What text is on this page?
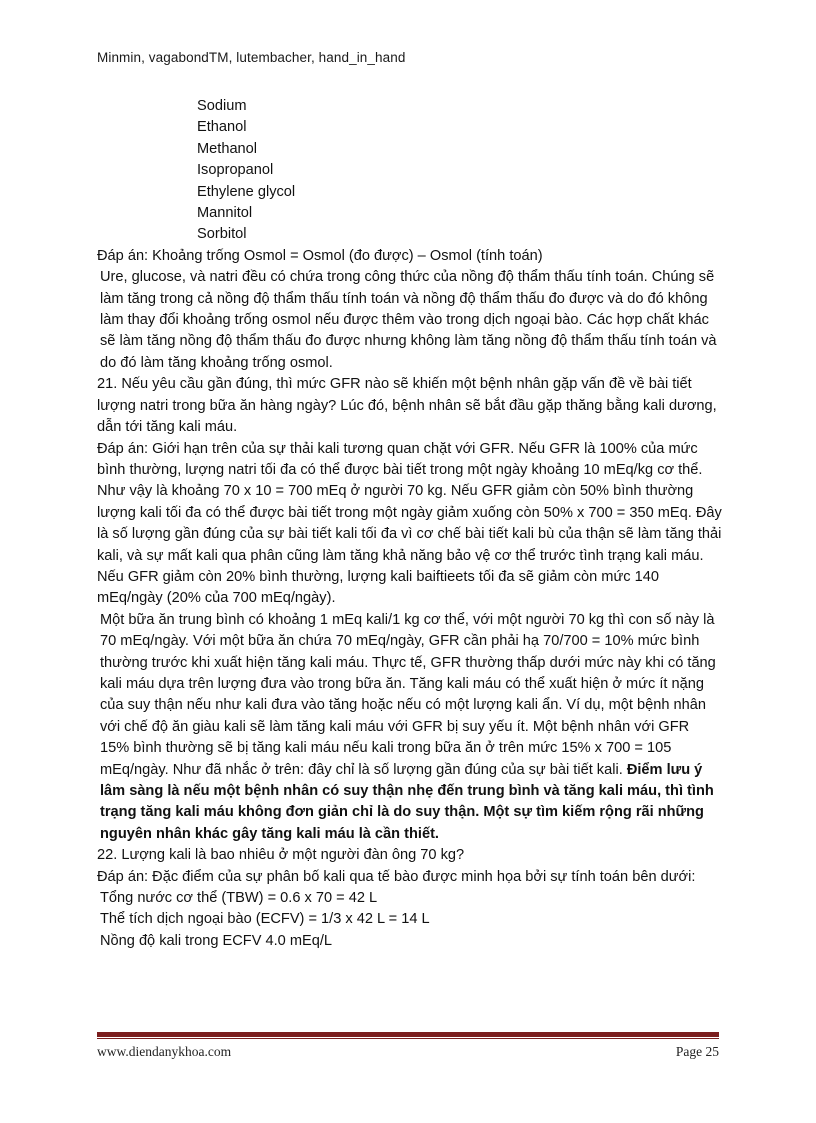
Minmin, vagabondTM, lutembacher, hand_in_hand
Sodium
Ethanol
Methanol
Isopropanol
Ethylene glycol
Mannitol
Sorbitol

Đáp án: Khoảng trống Osmol = Osmol (đo được) – Osmol (tính toán)

Ure, glucose, và natri đều có chứa trong công thức của nồng độ thẩm thấu tính toán. Chúng sẽ làm tăng trong cả nồng độ thẩm thấu tính toán và nồng độ thẩm thấu đo được và do đó không làm thay đổi khoảng trống osmol nếu được thêm vào trong dịch ngoại bào. Các hợp chất khác sẽ làm tăng nồng độ thẩm thấu đo được nhưng không làm tăng nồng độ thẩm thấu tính toán và do đó làm tăng khoảng trống osmol.

21. Nếu yêu cầu gần đúng, thì mức GFR nào sẽ khiến một bệnh nhân gặp vấn đề về bài tiết lượng natri trong bữa ăn hàng ngày? Lúc đó, bệnh nhân sẽ bắt đầu gặp thăng bằng kali dương, dẫn tới tăng kali máu.

Đáp án: Giới hạn trên của sự thải kali tương quan chặt với GFR. Nếu GFR là 100% của mức bình thường, lượng natri tối đa có thể được bài tiết trong một ngày khoảng 10 mEq/kg cơ thể. Như vậy là khoảng 70 x 10 = 700 mEq ở người 70 kg. Nếu GFR giảm còn 50% bình thường lượng kali tối đa có thể được bài tiết trong một ngày giảm xuống còn 50% x 700 = 350 mEq. Đây là số lượng gần đúng của sự bài tiết kali tối đa vì cơ chế bài tiết kali bù của thận sẽ làm tăng thải kali, và sự mất kali qua phân cũng làm tăng khả năng bảo vệ cơ thể trước tình trạng kali máu. Nếu GFR giảm còn 20% bình thường, lượng kali baiftieets tối đa sẽ giảm còn mức 140 mEq/ngày (20% của 700 mEq/ngày).

Một bữa ăn trung bình có khoảng 1 mEq kali/1 kg cơ thể, với một người 70 kg thì con số này là 70 mEq/ngày. Với một bữa ăn chứa 70 mEq/ngày, GFR cần phải hạ 70/700 = 10% mức bình thường trước khi xuất hiện tăng kali máu. Thực tế, GFR thường thấp dưới mức này khi có tăng kali máu dựa trên lượng đưa vào trong bữa ăn. Tăng kali máu có thể xuất hiện ở mức ít nặng của suy thận nếu như kali đưa vào tăng hoặc nếu có một lượng kali ẩn. Ví dụ, một bệnh nhân với chế độ ăn giàu kali sẽ làm tăng kali máu với GFR bị suy yếu ít. Một bệnh nhân với GFR 15% bình thường sẽ bị tăng kali máu nếu kali trong bữa ăn ở trên mức 15% x 700 = 105 mEq/ngày. Như đã nhắc ở trên: đây chỉ là số lượng gần đúng của sự bài tiết kali. Điểm lưu ý lâm sàng là nếu một bệnh nhân có suy thận nhẹ đến trung bình và tăng kali máu, thì tình trạng tăng kali máu không đơn giản chỉ là do suy thận. Một sự tìm kiếm rộng rãi những nguyên nhân khác gây tăng kali máu là cần thiết.

22. Lượng kali là bao nhiêu ở một người đàn ông 70 kg?

Đáp án: Đặc điểm của sự phân bố kali qua tế bào được minh họa bởi sự tính toán bên dưới:

Tổng nước cơ thể (TBW) = 0.6 x 70 = 42 L

Thể tích dịch ngoại bào (ECFV) = 1/3 x 42 L = 14 L

Nồng độ kali trong ECFV 4.0 mEq/L

www.diendanykhoa.com	Page 25
